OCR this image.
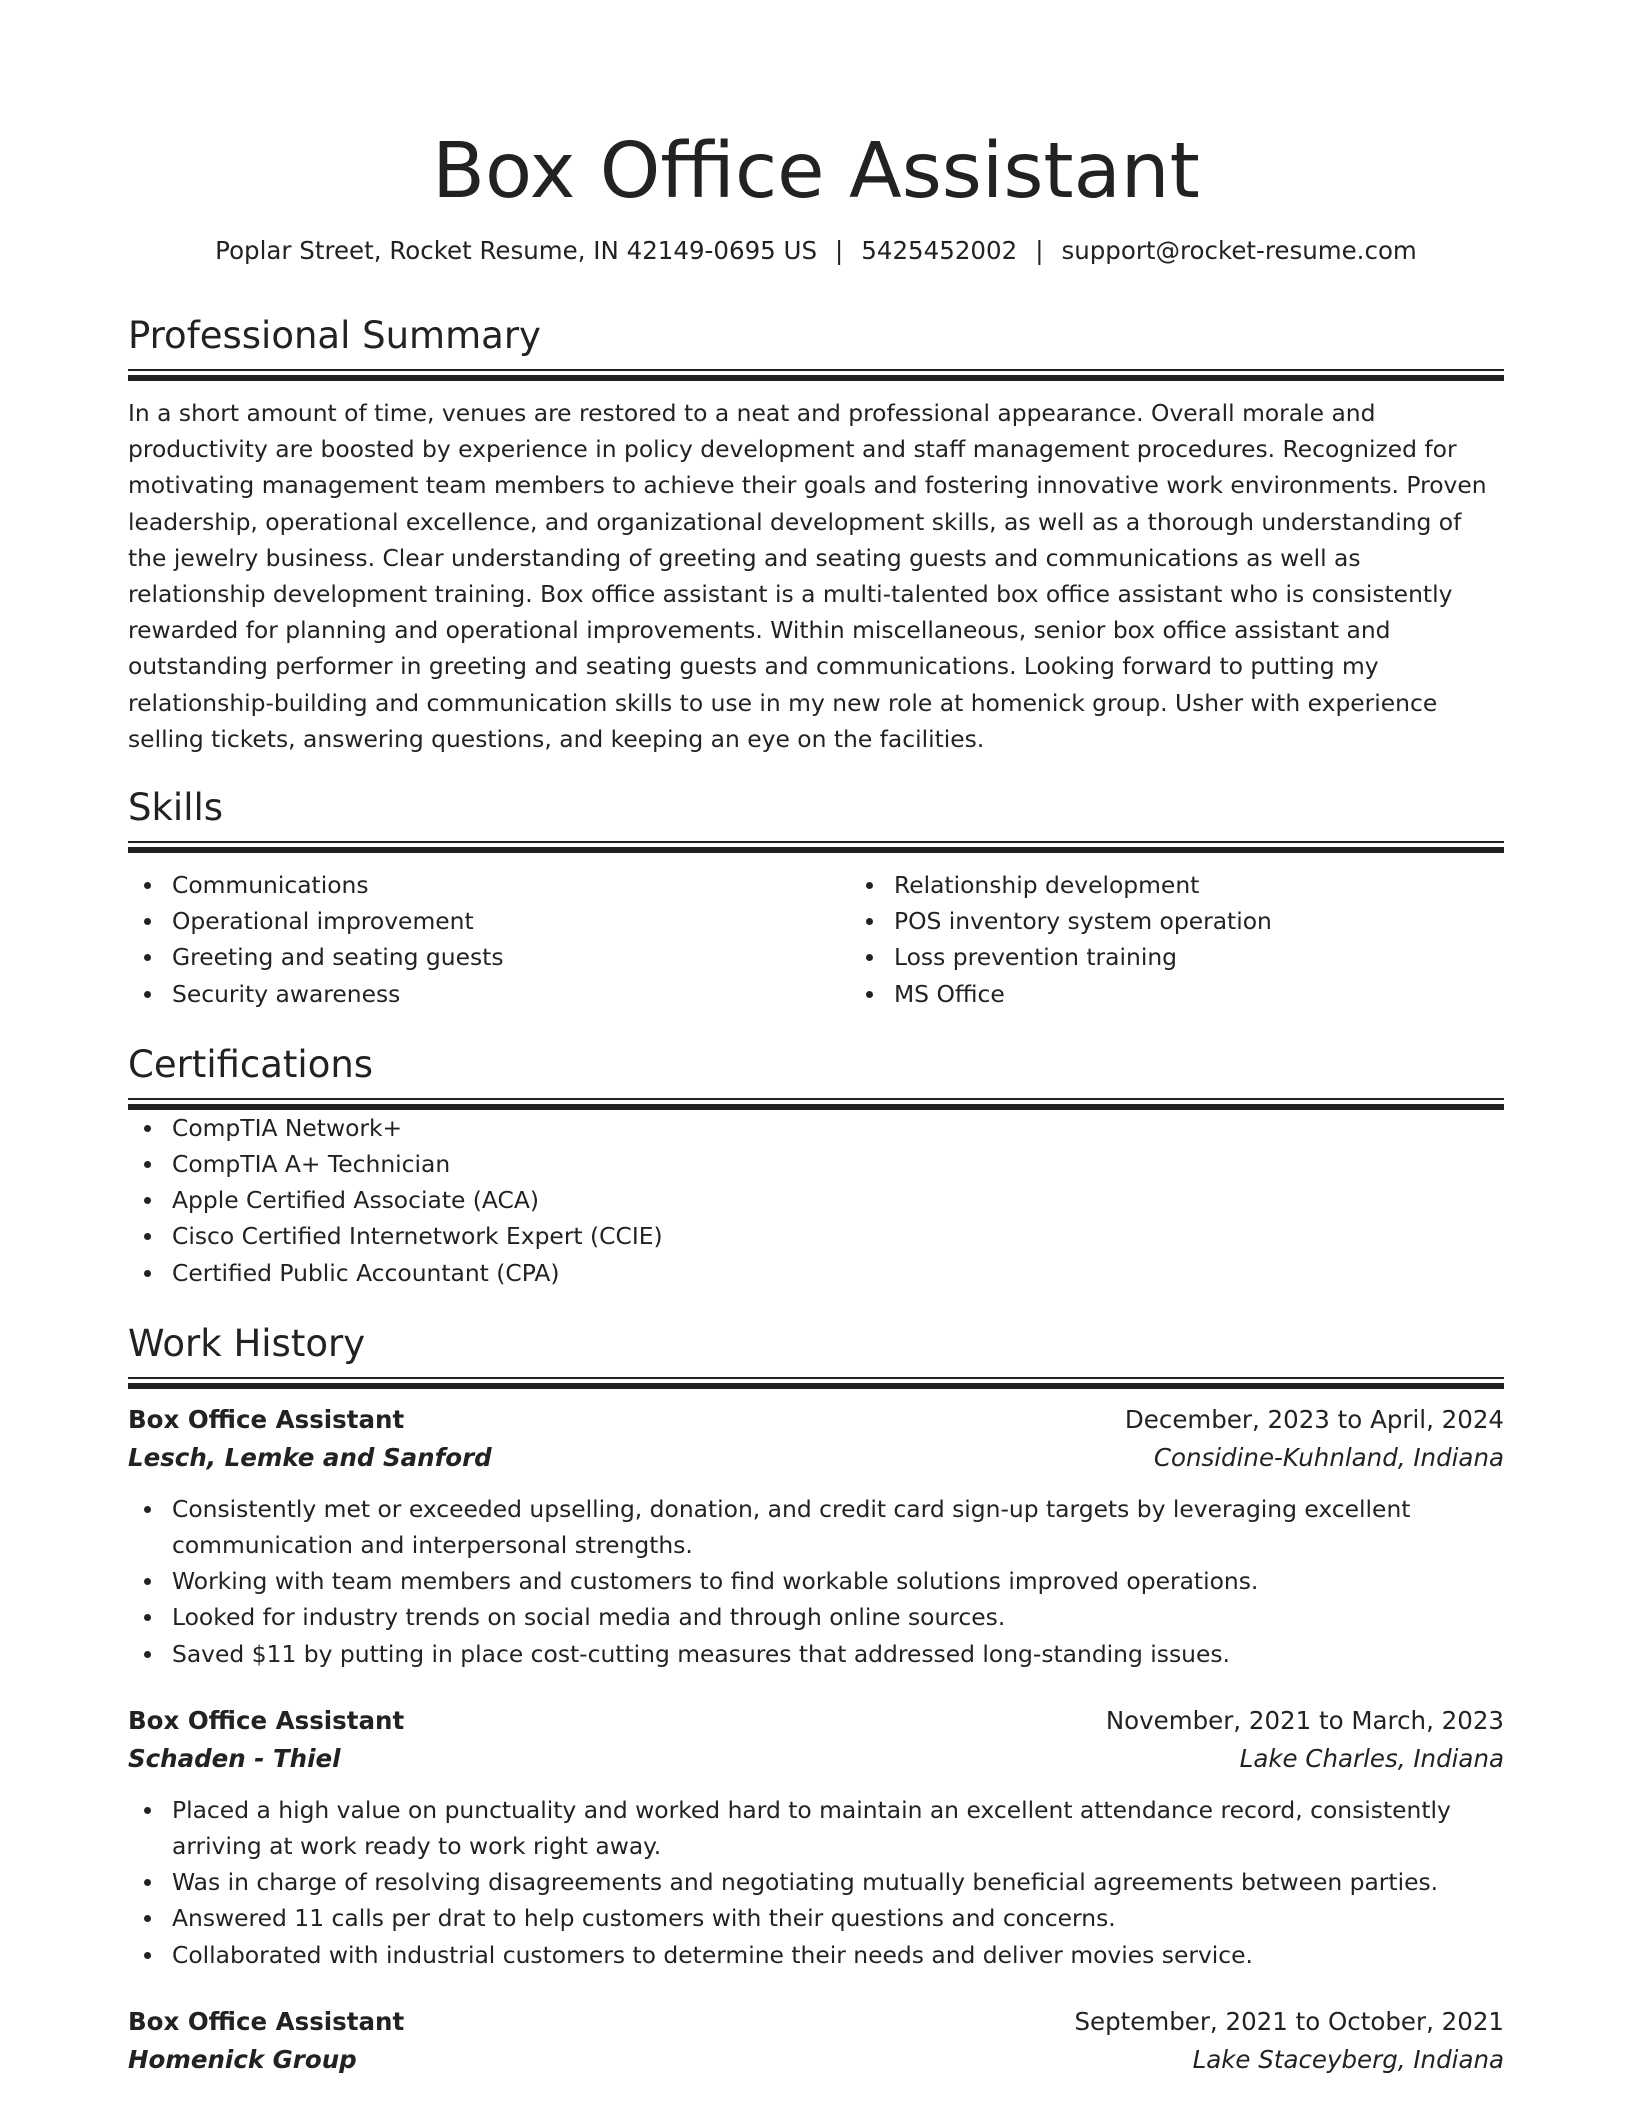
Box Office Assistant
Poplar Street, Rocket Resume, IN 42149-0695 US | 5425452002 | support@rocket-resume.com
Professional Summary

In a short amount of time, venues are restored to a neat and professional appearance. Overall morale and productivity are boosted by experience in policy development and staff management procedures. Recognized for motivating management team members to achieve their goals and fostering innovative work environments. Proven leadership, operational excellence, and organizational development skills, as well as a thorough understanding of the jewelry business. Clear understanding of greeting and seating guests and communications as well as relationship development training. Box office assistant is a multi-talented box office assistant who is consistently rewarded for planning and operational improvements. Within miscellaneous, senior box office assistant and outstanding performer in greeting and seating guests and communications. Looking forward to putting my relationship-building and communication skills to use in my new role at homenick group. Usher with experience selling tickets, answering questions, and keeping an eye on the facilities.

Skills
Communications
Operational improvement
Greeting and seating guests
Security awareness
Relationship development
POS inventory system operation
Loss prevention training
MS Office
Certifications
CompTIA Network+
CompTIA A+ Technician
Apple Certified Associate (ACA)
Cisco Certified Internetwork Expert (CCIE)
Certified Public Accountant (CPA)
Work History
Box Office Assistant	December, 2023 to April, 2024
Lesch, Lemke and Sanford	Considine-Kuhnland, Indiana
Consistently met or exceeded upselling, donation, and credit card sign-up targets by leveraging excellent communication and interpersonal strengths.
Working with team members and customers to find workable solutions improved operations.
Looked for industry trends on social media and through online sources.
Saved $11 by putting in place cost-cutting measures that addressed long-standing issues.
Box Office Assistant	November, 2021 to March, 2023
Schaden - Thiel	Lake Charles, Indiana
Placed a high value on punctuality and worked hard to maintain an excellent attendance record, consistently arriving at work ready to work right away.
Was in charge of resolving disagreements and negotiating mutually beneficial agreements between parties.
Answered 11 calls per drat to help customers with their questions and concerns.
Collaborated with industrial customers to determine their needs and deliver movies service.
Box Office Assistant	September, 2021 to October, 2021
Homenick Group	Lake Staceyberg, Indiana
